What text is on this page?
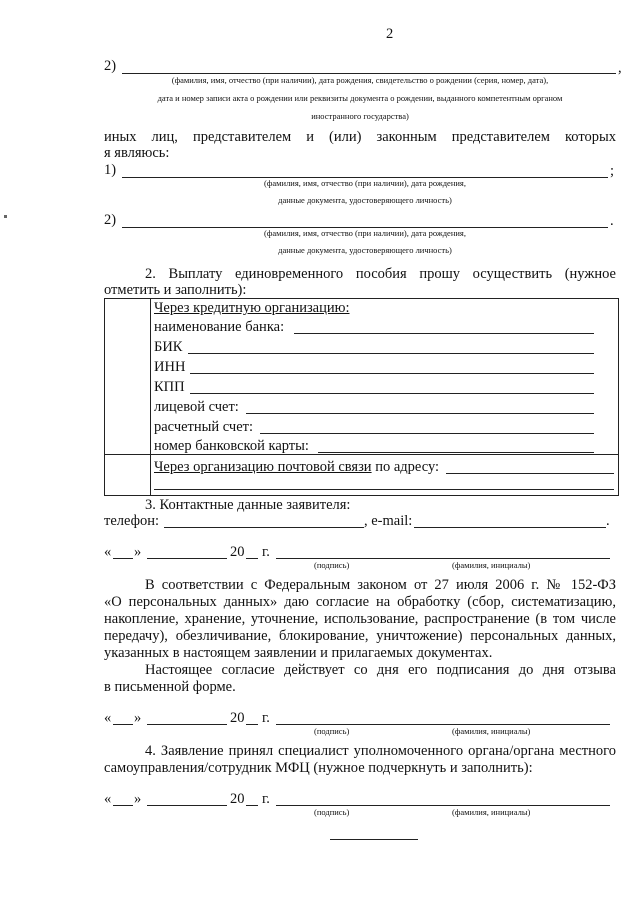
2
2)	,
(фамилия, имя, отчество (при наличии), дата рождения, свидетельство о рождении (серия, номер, дата),
дата и номер записи акта о рождении или реквизиты документа о рождении, выданного компетентным органом
иностранного государства)
иных лиц, представителем и (или) законным представителем которых
я являюсь:
1)	;
(фамилия, имя, отчество (при наличии), дата рождения,
данные документа, удостоверяющего личность)
2)	.
(фамилия, имя, отчество (при наличии), дата рождения,
данные документа, удостоверяющего личность)
2. Выплату единовременного пособия прошу осуществить (нужное
отметить и заполнить):
Через кредитную организацию:
наименование банка:
БИК
ИНН
КПП
лицевой счет:
расчетный счет:
номер банковской карты:
Через организацию почтовой связи по адресу:
3. Контактные данные заявителя:
телефон:	, e-mail:	.
« »	20 г.
(подпись)	(фамилия, инициалы)
В соответствии с Федеральным законом от 27 июля 2006 г. № 152-ФЗ
«О персональных данных» даю согласие на обработку (сбор, систематизацию,
накопление, хранение, уточнение, использование, распространение (в том числе
передачу), обезличивание, блокирование, уничтожение) персональных данных,
указанных в настоящем заявлении и прилагаемых документах.
Настоящее согласие действует со дня его подписания до дня отзыва
в письменной форме.
« »	20 г.
(подпись)	(фамилия, инициалы)
4. Заявление принял специалист уполномоченного органа/органа местного
самоуправления/сотрудник МФЦ (нужное подчеркнуть и заполнить):
« »	20 г.
(подпись)	(фамилия, инициалы)
